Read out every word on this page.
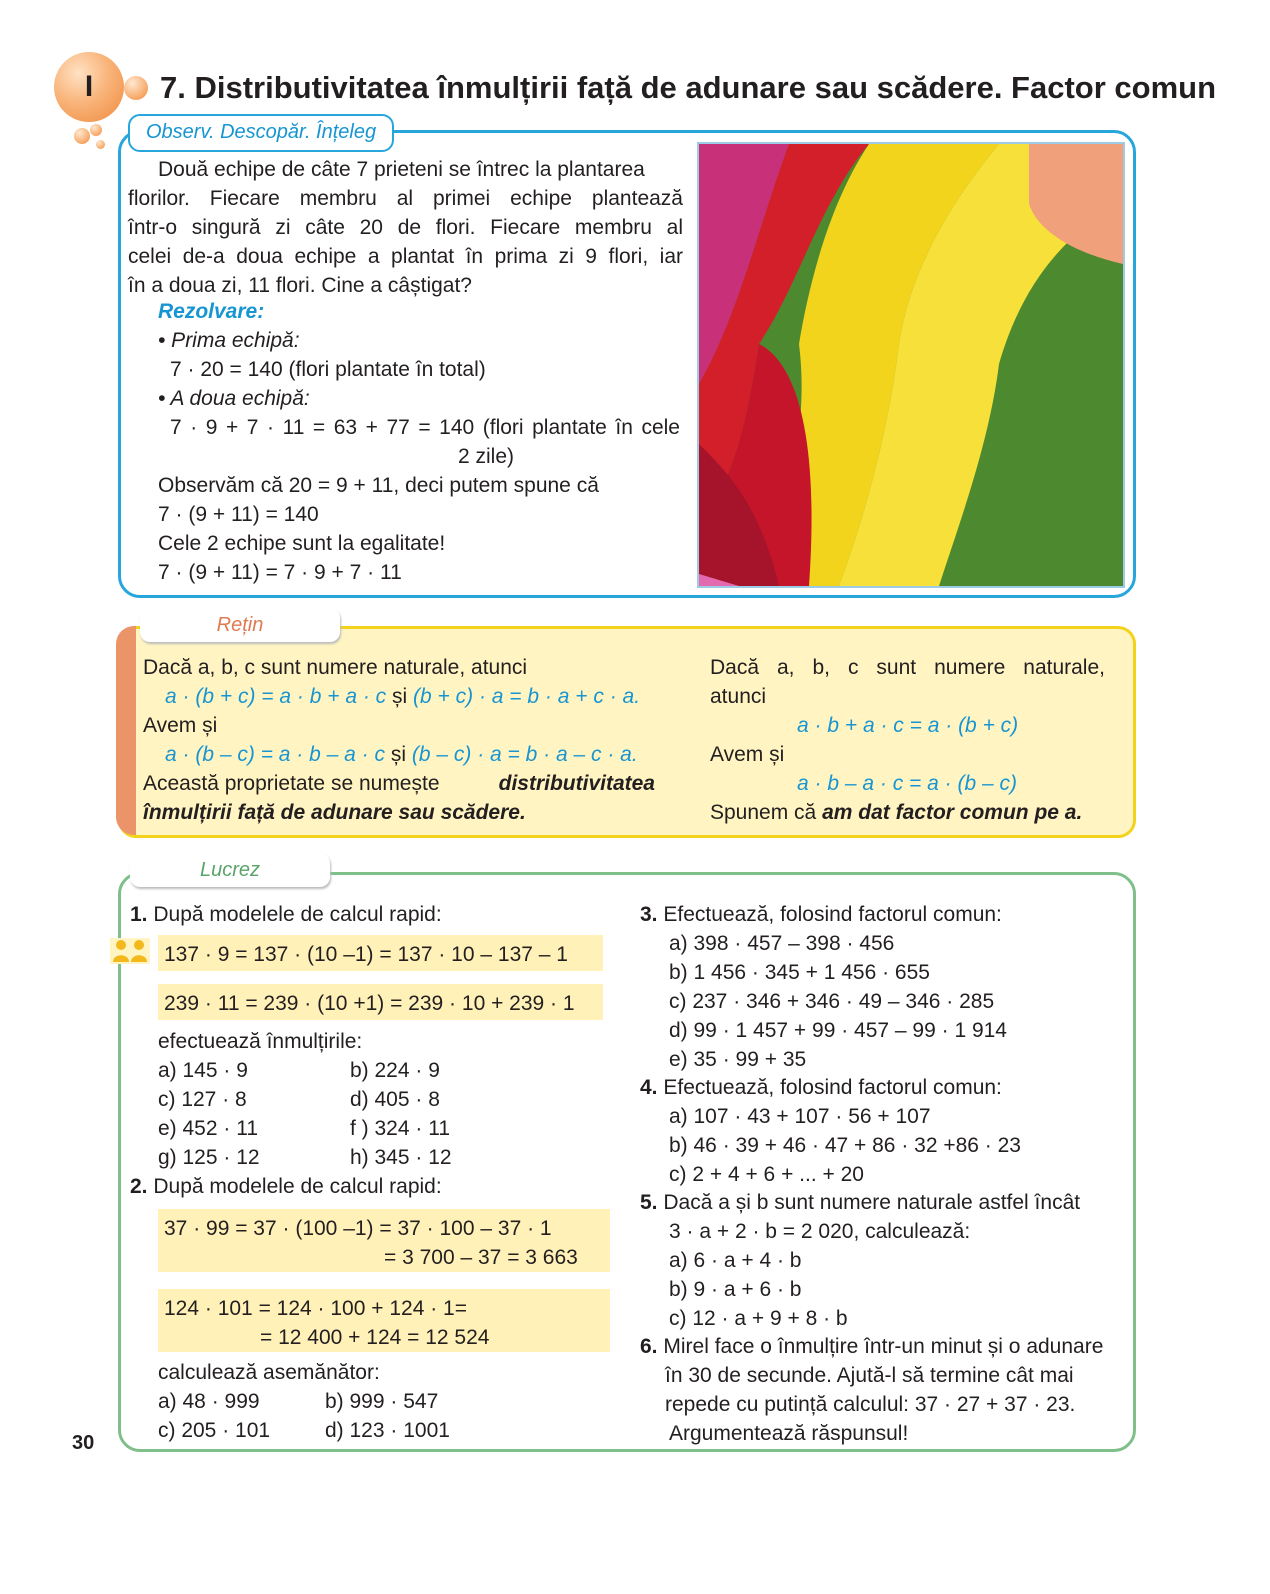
I 7. Distributivitatea înmulțirii față de adunare sau scădere. Factor comun
Observ. Descopăr. Înțeleg
Două echipe de câte 7 prieteni se întrec la plantarea
florilor. Fiecare membru al primei echipe plantează
într-o singură zi câte 20 de flori. Fiecare membru al
celei de-a doua echipe a plantat în prima zi 9 flori, iar
în a doua zi, 11 flori. Cine a câștigat?
Rezolvare:
• Prima echipă:
7 · 20 = 140 (flori plantate în total)
• A doua echipă:
7 · 9 + 7 · 11 = 63 + 77 = 140 (flori plantate în cele
2 zile)
Observăm că 20 = 9 + 11, deci putem spune că
7 · (9 + 11) = 140
Cele 2 echipe sunt la egalitate!
7 · (9 + 11) = 7 · 9 + 7 · 11
Rețin
Dacă a, b, c sunt numere naturale, atunci
a · (b + c) = a · b + a · c și (b + c) · a = b · a + c · a.
Avem și
a · (b – c) = a · b – a · c și (b – c) · a = b · a – c · a.
Această proprietate se numește	distributivitatea
înmulțirii față de adunare sau scădere.
Dacă a, b, c sunt numere naturale,
atunci
a · b + a · c = a · (b + c)
Avem și
a · b – a · c = a · (b – c)
Spunem că am dat factor comun pe a.
Lucrez
1. După modelele de calcul rapid:
137 · 9 = 137 · (10 –1) = 137 · 10 – 137 – 1
239 · 11 = 239 · (10 +1) = 239 · 10 + 239 · 1
efectuează înmulțirile:
a) 145 · 9	b) 224 · 9
c) 127 · 8	d) 405 · 8
e) 452 · 11	f ) 324 · 11
g) 125 · 12	h) 345 · 12
2. După modelele de calcul rapid:
37 · 99 = 37 · (100 –1) = 37 · 100 – 37 · 1
= 3 700 – 37 = 3 663
124 · 101 = 124 · 100 + 124 · 1=
= 12 400 + 124 = 12 524
calculează asemănător:
a) 48 · 999	b) 999 · 547
c) 205 · 101	d) 123 · 1001
3. Efectuează, folosind factorul comun:
a) 398 · 457 – 398 · 456
b) 1 456 · 345 + 1 456 · 655
c) 237 · 346 + 346 · 49 – 346 · 285
d) 99 · 1 457 + 99 · 457 – 99 · 1 914
e) 35 · 99 + 35
4. Efectuează, folosind factorul comun:
a) 107 · 43 + 107 · 56 + 107
b) 46 · 39 + 46 · 47 + 86 · 32 +86 · 23
c) 2 + 4 + 6 + ... + 20
5. Dacă a și b sunt numere naturale astfel încât
3 · a + 2 · b = 2 020, calculează:
a) 6 · a + 4 · b
b) 9 · a + 6 · b
c) 12 · a + 9 + 8 · b
6. Mirel face o înmulțire într-un minut și o adunare
în 30 de secunde. Ajută-l să termine cât mai
repede cu putință calculul: 37 · 27 + 37 · 23.
Argumentează răspunsul!
30
